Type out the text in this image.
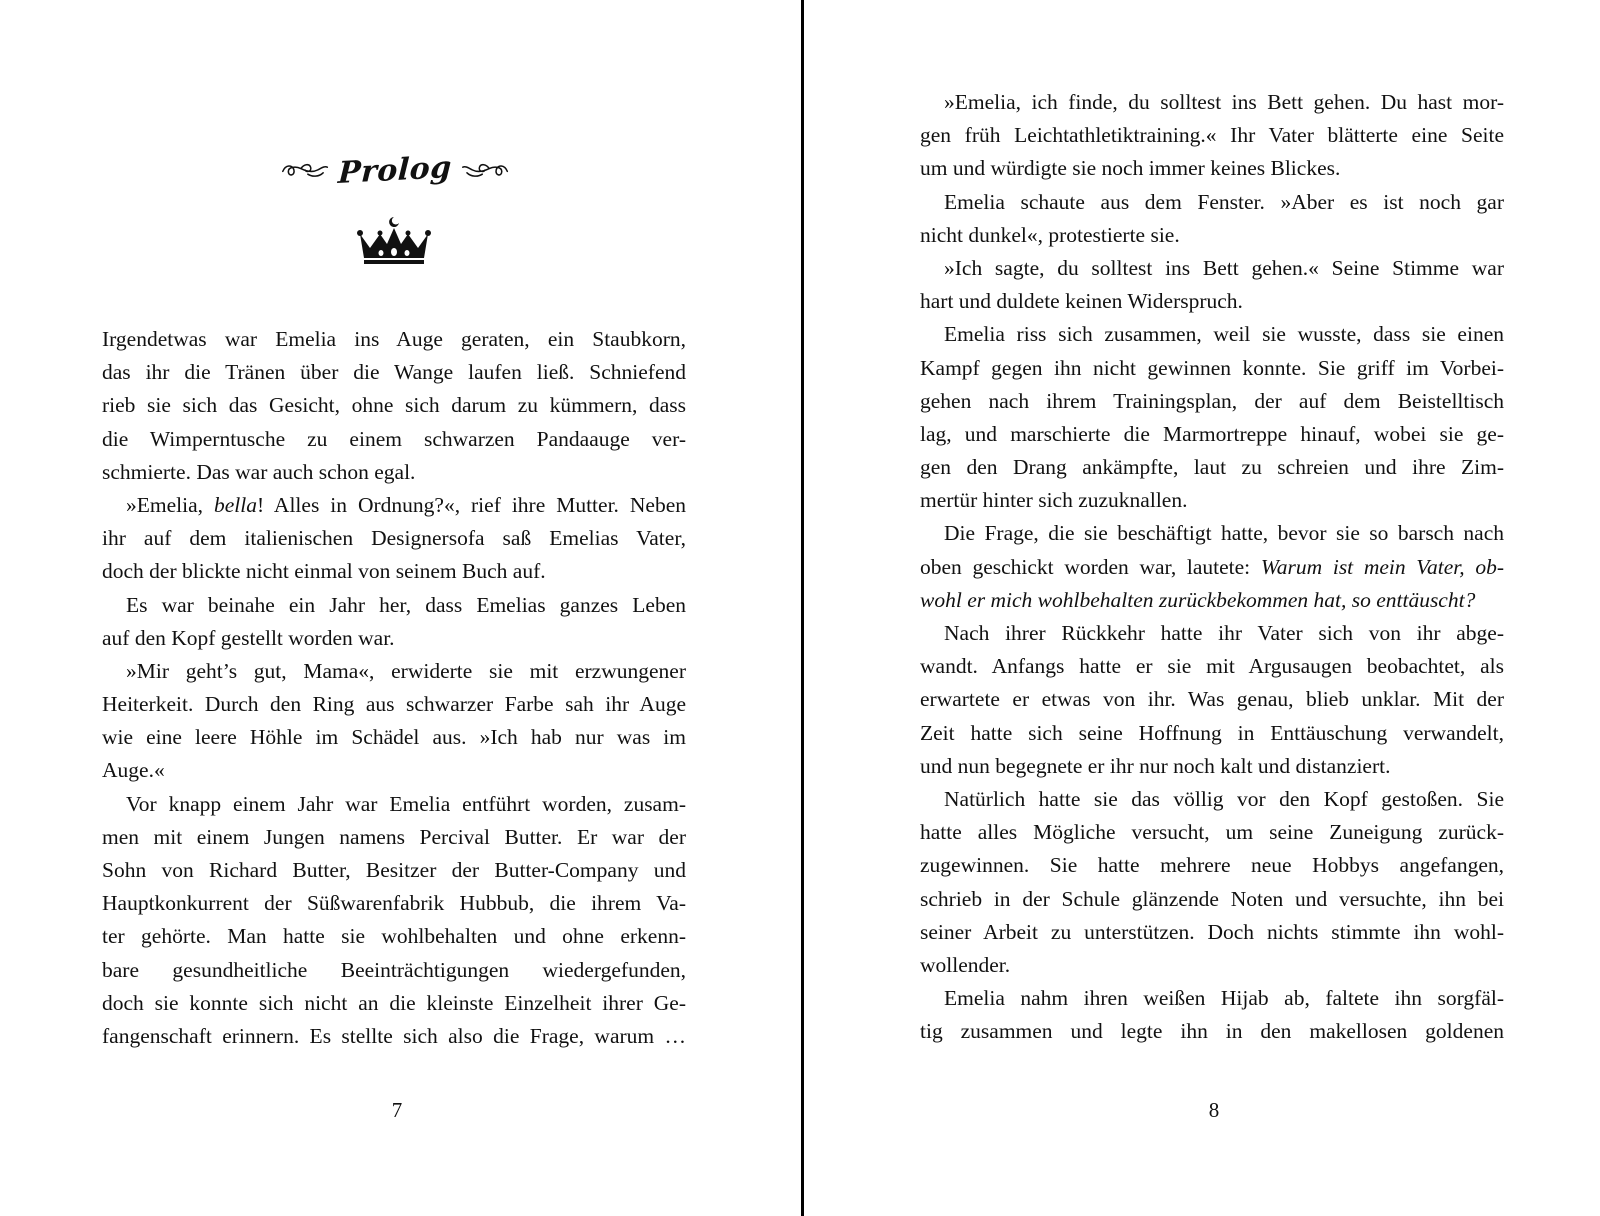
Prolog
Irgendetwas war Emelia ins Auge geraten, ein Staubkorn,
das ihr die Tränen über die Wange laufen ließ. Schniefend
rieb sie sich das Gesicht, ohne sich darum zu kümmern, dass
die Wimperntusche zu einem schwarzen Pandaauge ver-
schmierte. Das war auch schon egal.
»Emelia, bella! Alles in Ordnung?«, rief ihre Mutter. Neben
ihr auf dem italienischen Designersofa saß Emelias Vater,
doch der blickte nicht einmal von seinem Buch auf.
Es war beinahe ein Jahr her, dass Emelias ganzes Leben
auf den Kopf gestellt worden war.
»Mir geht’s gut, Mama«, erwiderte sie mit erzwungener
Heiterkeit. Durch den Ring aus schwarzer Farbe sah ihr Auge
wie eine leere Höhle im Schädel aus. »Ich hab nur was im
Auge.«
Vor knapp einem Jahr war Emelia entführt worden, zusam-
men mit einem Jungen namens Percival Butter. Er war der
Sohn von Richard Butter, Besitzer der Butter-Company und
Hauptkonkurrent der Süßwarenfabrik Hubbub, die ihrem Va-
ter gehörte. Man hatte sie wohlbehalten und ohne erkenn-
bare gesundheitliche Beeinträchtigungen wiedergefunden,
doch sie konnte sich nicht an die kleinste Einzelheit ihrer Ge-
fangenschaft erinnern. Es stellte sich also die Frage, warum …
7
»Emelia, ich finde, du solltest ins Bett gehen. Du hast mor-
gen früh Leichtathletiktraining.« Ihr Vater blätterte eine Seite
um und würdigte sie noch immer keines Blickes.
Emelia schaute aus dem Fenster. »Aber es ist noch gar
nicht dunkel«, protestierte sie.
»Ich sagte, du solltest ins Bett gehen.« Seine Stimme war
hart und duldete keinen Widerspruch.
Emelia riss sich zusammen, weil sie wusste, dass sie einen
Kampf gegen ihn nicht gewinnen konnte. Sie griff im Vorbei-
gehen nach ihrem Trainingsplan, der auf dem Beistelltisch
lag, und marschierte die Marmortreppe hinauf, wobei sie ge-
gen den Drang ankämpfte, laut zu schreien und ihre Zim-
mertür hinter sich zuzuknallen.
Die Frage, die sie beschäftigt hatte, bevor sie so barsch nach
oben geschickt worden war, lautete: Warum ist mein Vater, ob-
wohl er mich wohlbehalten zurückbekommen hat, so enttäuscht?
Nach ihrer Rückkehr hatte ihr Vater sich von ihr abge-
wandt. Anfangs hatte er sie mit Argusaugen beobachtet, als
erwartete er etwas von ihr. Was genau, blieb unklar. Mit der
Zeit hatte sich seine Hoffnung in Enttäuschung verwandelt,
und nun begegnete er ihr nur noch kalt und distanziert.
Natürlich hatte sie das völlig vor den Kopf gestoßen. Sie
hatte alles Mögliche versucht, um seine Zuneigung zurück-
zugewinnen. Sie hatte mehrere neue Hobbys angefangen,
schrieb in der Schule glänzende Noten und versuchte, ihn bei
seiner Arbeit zu unterstützen. Doch nichts stimmte ihn wohl-
wollender.
Emelia nahm ihren weißen Hijab ab, faltete ihn sorgfäl-
tig zusammen und legte ihn in den makellosen goldenen
8
